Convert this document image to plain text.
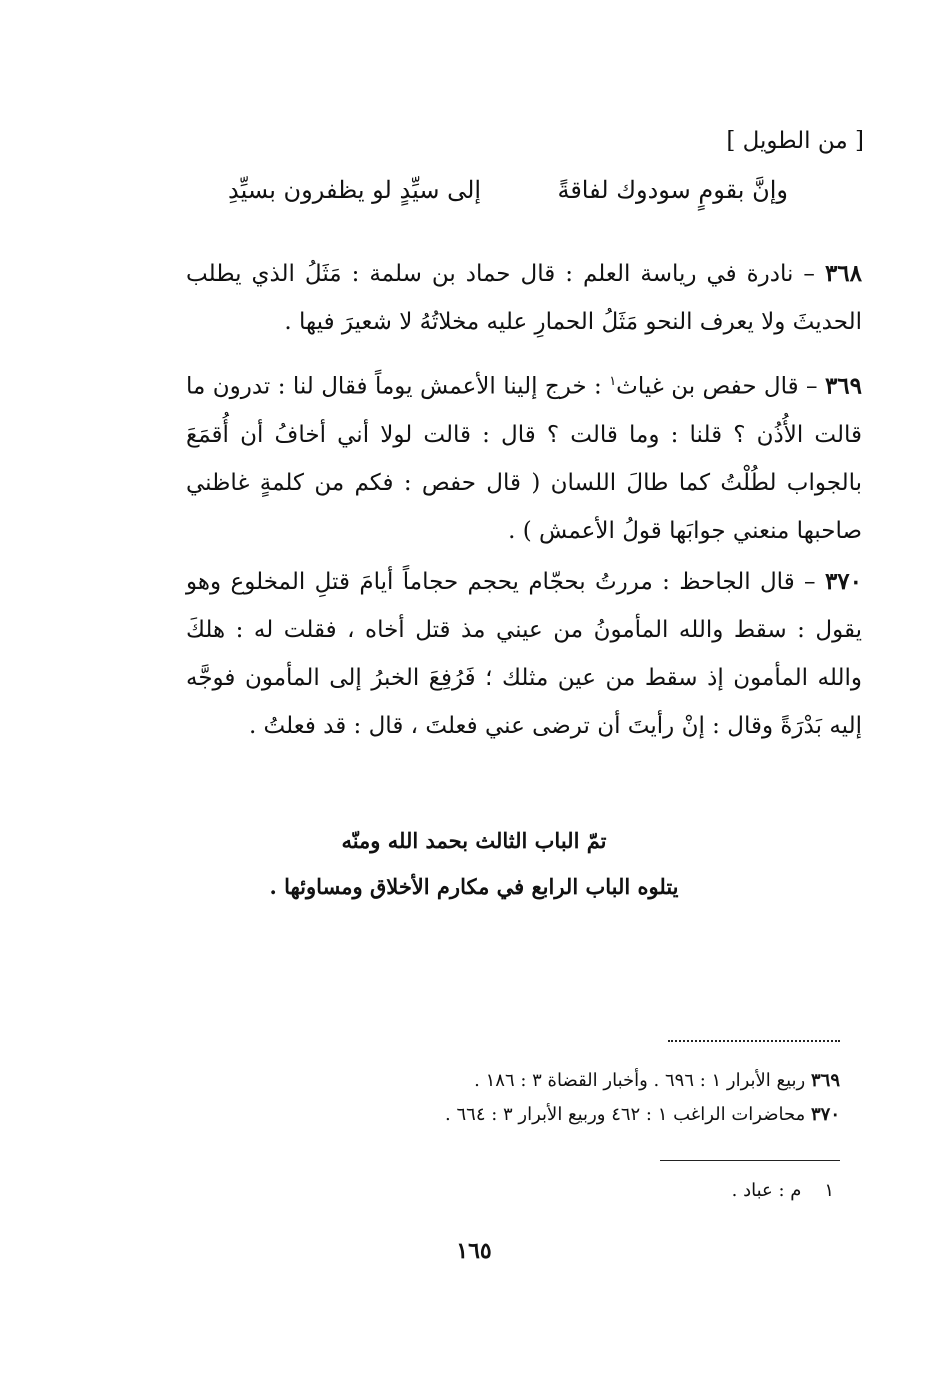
[ من الطويل ]
وإنَّ بقومٍ سودوك لفاقةً
إلى سيِّدٍ لو يظفرون بسيِّدِ
٣٦٨ – نادرة في رياسة العلم : قال حماد بن سلمة : مَثَلُ الذي يطلب الحديثَ ولا يعرف النحو مَثَلُ الحمارِ عليه مخلاتُهُ لا شعيرَ فيها .
٣٦٩ – قال حفص بن غياث$^١$ : خرج إلينا الأعمش يوماً فقال لنا : تدرون ما قالت الأُذُن ؟ قلنا : وما قالت ؟ قال : قالت لولا أني أخافُ أن أُقمَعَ بالجواب لطُلْتُ كما طالَ اللسان ( قال حفص : فكم من كلمةٍ غاظني صاحبها منعني جوابَها قولُ الأعمش ) .
٣٧٠ – قال الجاحظ : مررتُ بحجّام يحجم حجاماً أيامَ قتلِ المخلوع وهو يقول : سقط والله المأمونُ من عيني مذ قتل أخاه ، فقلت له : هلكَ والله المأمون إذ سقط من عين مثلك ؛ فَرُفِعَ الخبرُ إلى المأمون فوجَّه إليه بَدْرَةً وقال : إنْ رأيتَ أن ترضى عني فعلتَ ، قال : قد فعلتُ .
تمّ الباب الثالث بحمد الله ومنّه
يتلوه الباب الرابع في مكارم الأخلاق ومساوئها .
٣٦٩ ربيع الأبرار ١ : ٦٩٦ . وأخبار القضاة ٣ : ١٨٦ .
٣٧٠ محاضرات الراغب ١ : ٤٦٢ وربيع الأبرار ٣ : ٦٦٤ .
١    م : عباد .
١٦٥
